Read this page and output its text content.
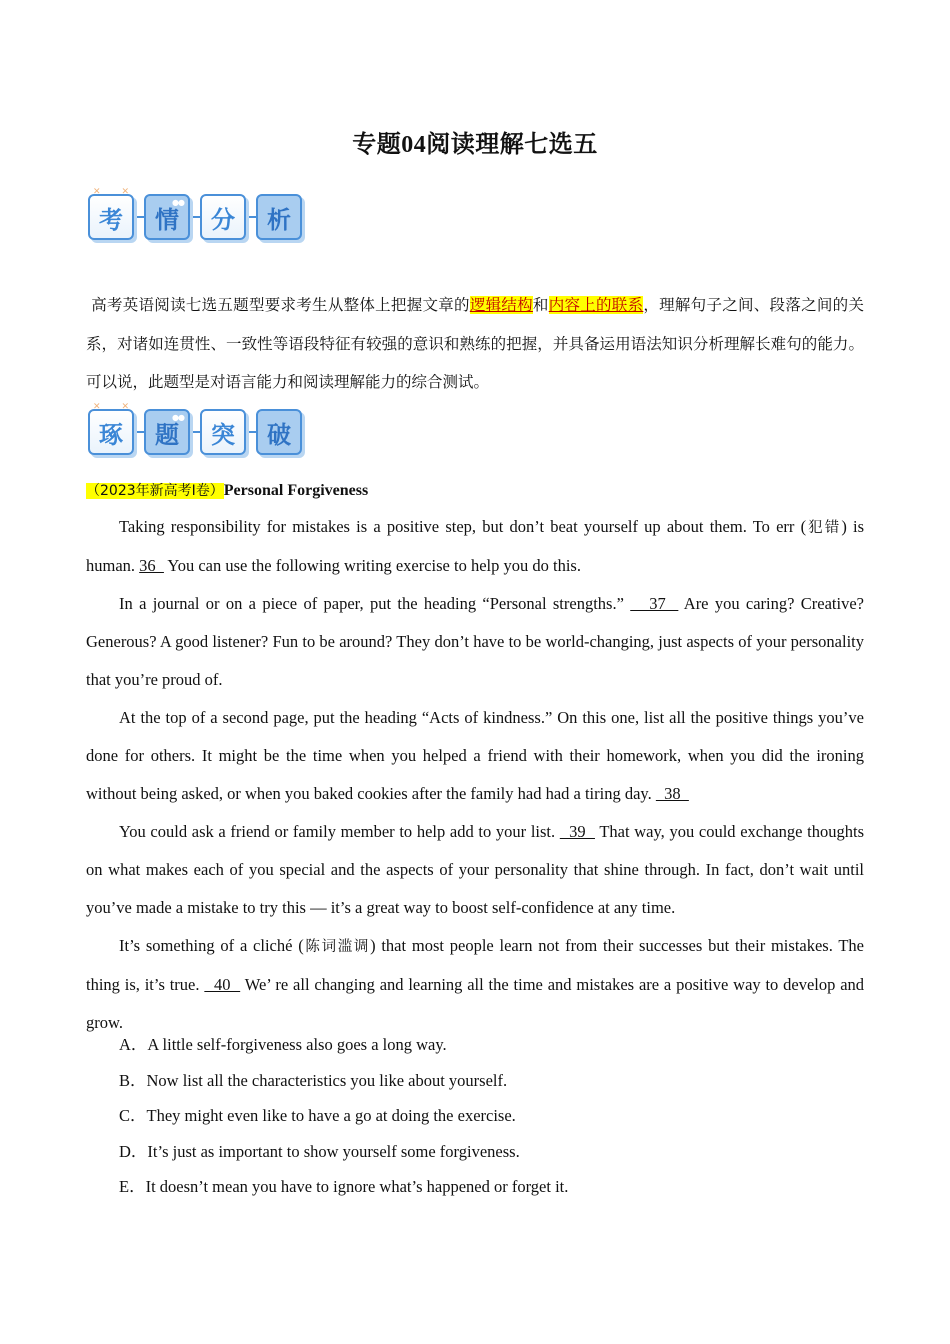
专题04阅读理解七选五
✕ ✕
考
●●
情 分 析
高考英语阅读七选五题型要求考生从整体上把握文章的逻辑结构和内容上的联系，理解句子之间、段落之间的关系，对诸如连贯性、一致性等语段特征有较强的意识和熟练的把握，并具备运用语法知识分析理解长难句的能力。可以说，此题型是对语言能力和阅读理解能力的综合测试。
✕ ✕
琢
●●
题 突 破
（2023年新高考I卷）Personal Forgiveness

Taking responsibility for mistakes is a positive step, but don’t beat yourself up about them. To err (犯错) is human. 36   You can use the following writing exercise to help you do this.

In a journal or on a piece of paper, put the heading “Personal strengths.”    37   Are you caring? Creative? Generous? A good listener? Fun to be around? They don’t have to be world-changing, just aspects of your personality that you’re proud of.

At the top of a second page, put the heading “Acts of kindness.” On this one, list all the positive things you’ve done for others. It might be the time when you helped a friend with their homework, when you did the ironing without being asked, or when you baked cookies after the family had had a tiring day.   38

You could ask a friend or family member to help add to your list.   39   That way, you could exchange thoughts on what makes each of you special and the aspects of your personality that shine through. In fact, don’t wait until you’ve made a mistake to try this — it’s a great way to boost self-confidence at any time.

It’s something of a cliché (陈词滥调) that most people learn not from their successes but their mistakes. The thing is, it’s true.   40   We’ re all changing and learning all the time and mistakes are a positive way to develop and grow.

A．A little self-forgiveness also goes a long way.
B．Now list all the characteristics you like about yourself.
C．They might even like to have a go at doing the exercise.
D．It’s just as important to show yourself some forgiveness.
E．It doesn’t mean you have to ignore what’s happened or forget it.
